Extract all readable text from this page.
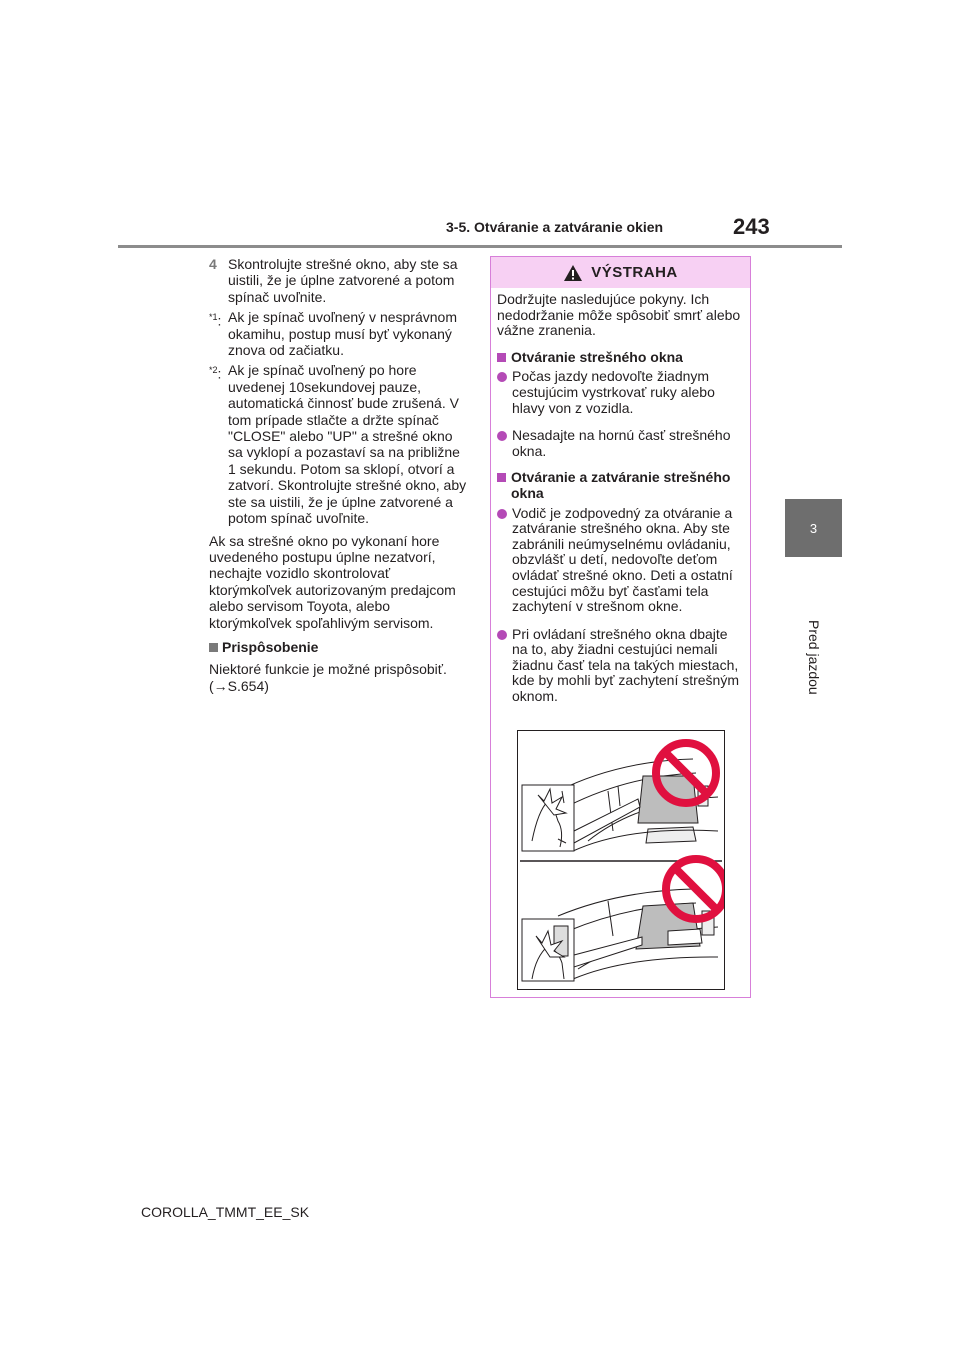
3-5. Otváranie a zatváranie okien	243
3
Pred jazdou
4 Skontrolujte strešné okno, aby ste sa uistili, že je úplne zatvorené a potom spínač uvoľnite.
$^{*1}$: Ak je spínač uvoľnený v nesprávnom okamihu, postup musí byť vykonaný znova od začiatku.
$^{*2}$: Ak je spínač uvoľnený po hore uvedenej 10sekundovej pauze, automatická činnosť bude zrušená. V tom prípade stlačte a držte spínač "CLOSE" alebo "UP" a strešné okno sa vyklopí a pozastaví sa na približne 1 sekundu. Potom sa sklopí, otvorí a zatvorí. Skontrolujte strešné okno, aby ste sa uistili, že je úplne zatvorené a potom spínač uvoľnite.
Ak sa strešné okno po vykonaní hore uvedeného postupu úplne nezatvorí, nechajte vozidlo skontrolovať ktorýmkoľvek autorizovaným predajcom alebo servisom Toyota, alebo ktorýmkoľvek spoľahlivým servisom.
Prispôsobenie
Niektoré funkcie je možné prispôsobiť.
(→S.654)
VÝSTRAHA
Dodržujte nasledujúce pokyny. Ich nedodržanie môže spôsobiť smrť alebo vážne zranenia.
Otváranie strešného okna
Počas jazdy nedovoľte žiadnym cestujúcim vystrkovať ruky alebo hlavy von z vozidla.
Nesadajte na hornú časť strešného okna.
Otváranie a zatváranie strešného okna
Vodič je zodpovedný za otváranie a zatváranie strešného okna. Aby ste zabránili neúmyselnému ovládaniu, obzvlášť u detí, nedovoľte deťom ovládať strešné okno. Deti a ostatní cestujúci môžu byť časťami tela zachytení v strešnom okne.
Pri ovládaní strešného okna dbajte na to, aby žiadni cestujúci nemali žiadnu časť tela na takých miestach, kde by mohli byť zachytení strešným oknom.
COROLLA_TMMT_EE_SK
